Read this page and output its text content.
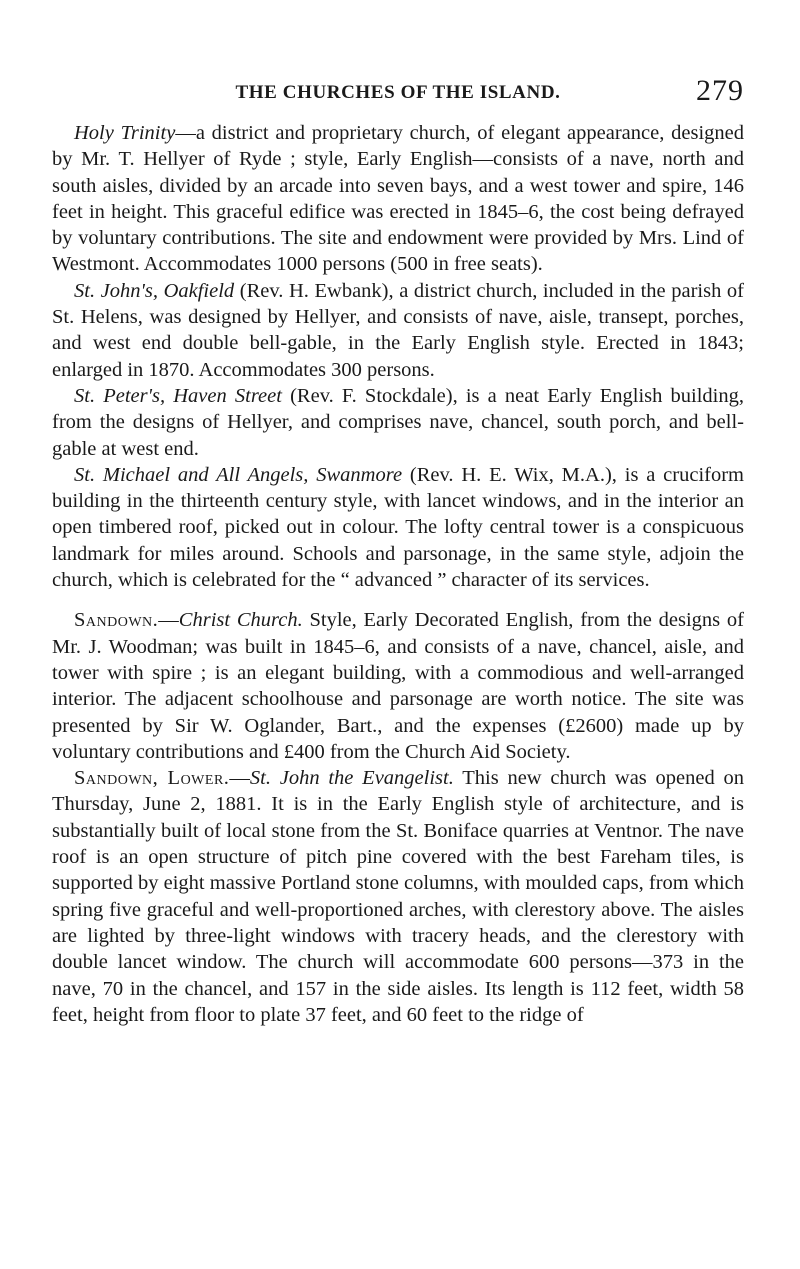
THE CHURCHES OF THE ISLAND.	279

Holy Trinity—a district and proprietary church, of elegant appearance, designed by Mr. T. Hellyer of Ryde ; style, Early English—consists of a nave, north and south aisles, divided by an arcade into seven bays, and a west tower and spire, 146 feet in height. This graceful edifice was erected in 1845–6, the cost being defrayed by voluntary contributions. The site and endowment were provided by Mrs. Lind of Westmont. Accommodates 1000 persons (500 in free seats).

St. John's, Oakfield (Rev. H. Ewbank), a district church, included in the parish of St. Helens, was designed by Hellyer, and consists of nave, aisle, transept, porches, and west end double bell-gable, in the Early English style. Erected in 1843; enlarged in 1870. Accommodates 300 persons.

St. Peter's, Haven Street (Rev. F. Stockdale), is a neat Early English building, from the designs of Hellyer, and comprises nave, chancel, south porch, and bell-gable at west end.

St. Michael and All Angels, Swanmore (Rev. H. E. Wix, M.A.), is a cruciform building in the thirteenth century style, with lancet windows, and in the interior an open timbered roof, picked out in colour. The lofty central tower is a conspicuous landmark for miles around. Schools and parsonage, in the same style, adjoin the church, which is celebrated for the “ advanced ” character of its services.

Sandown.—Christ Church. Style, Early Decorated English, from the designs of Mr. J. Woodman; was built in 1845–6, and consists of a nave, chancel, aisle, and tower with spire ; is an elegant building, with a commodious and well-arranged interior. The adjacent schoolhouse and parsonage are worth notice. The site was presented by Sir W. Oglander, Bart., and the expenses (£2600) made up by voluntary contributions and £400 from the Church Aid Society.

Sandown, Lower.—St. John the Evangelist. This new church was opened on Thursday, June 2, 1881. It is in the Early English style of architecture, and is substantially built of local stone from the St. Boniface quarries at Ventnor. The nave roof is an open structure of pitch pine covered with the best Fareham tiles, is supported by eight massive Portland stone columns, with moulded caps, from which spring five graceful and well-proportioned arches, with clerestory above. The aisles are lighted by three-light windows with tracery heads, and the clerestory with double lancet window. The church will accommodate 600 persons—373 in the nave, 70 in the chancel, and 157 in the side aisles. Its length is 112 feet, width 58 feet, height from floor to plate 37 feet, and 60 feet to the ridge of
